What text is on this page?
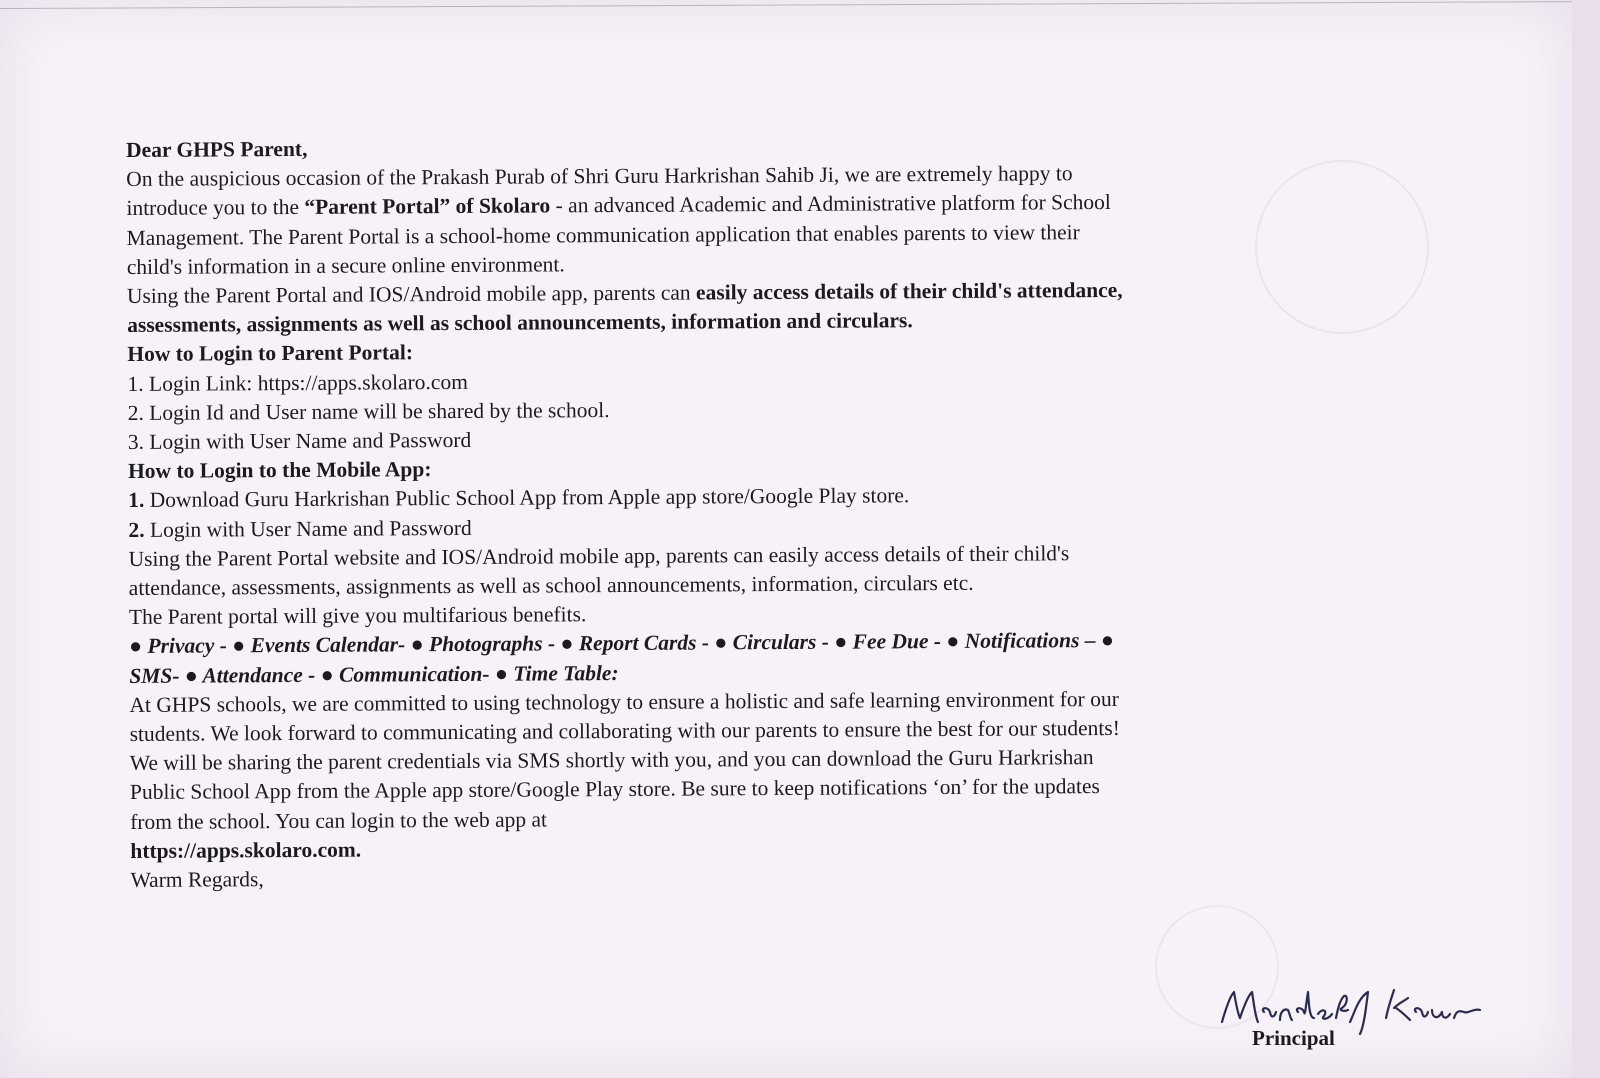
Dear GHPS Parent,

On the auspicious occasion of the Prakash Purab of Shri Guru Harkrishan Sahib Ji, we are extremely happy to introduce you to the “Parent Portal” of Skolaro - an advanced Academic and Administrative platform for School Management. The Parent Portal is a school-home communication application that enables parents to view their child's information in a secure online environment.

Using the Parent Portal and IOS/Android mobile app, parents can easily access details of their child's attendance, assessments, assignments as well as school announcements, information and circulars.

How to Login to Parent Portal:

1. Login Link: https://apps.skolaro.com

2. Login Id and User name will be shared by the school.

3. Login with User Name and Password

How to Login to the Mobile App:

1. Download Guru Harkrishan Public School App from Apple app store/Google Play store.

2. Login with User Name and Password

Using the Parent Portal website and IOS/Android mobile app, parents can easily access details of their child's attendance, assessments, assignments as well as school announcements, information, circulars etc.

The Parent portal will give you multifarious benefits.

● Privacy - ● Events Calendar- ● Photographs - ● Report Cards - ● Circulars - ● Fee Due - ● Notifications – ● SMS- ● Attendance - ● Communication- ● Time Table:

At GHPS schools, we are committed to using technology to ensure a holistic and safe learning environment for our students. We look forward to communicating and collaborating with our parents to ensure the best for our students!

We will be sharing the parent credentials via SMS shortly with you, and you can download the Guru Harkrishan Public School App from the Apple app store/Google Play store. Be sure to keep notifications ‘on’ for the updates from the school. You can login to the web app at

https://apps.skolaro.com.

Warm Regards,

Principal
